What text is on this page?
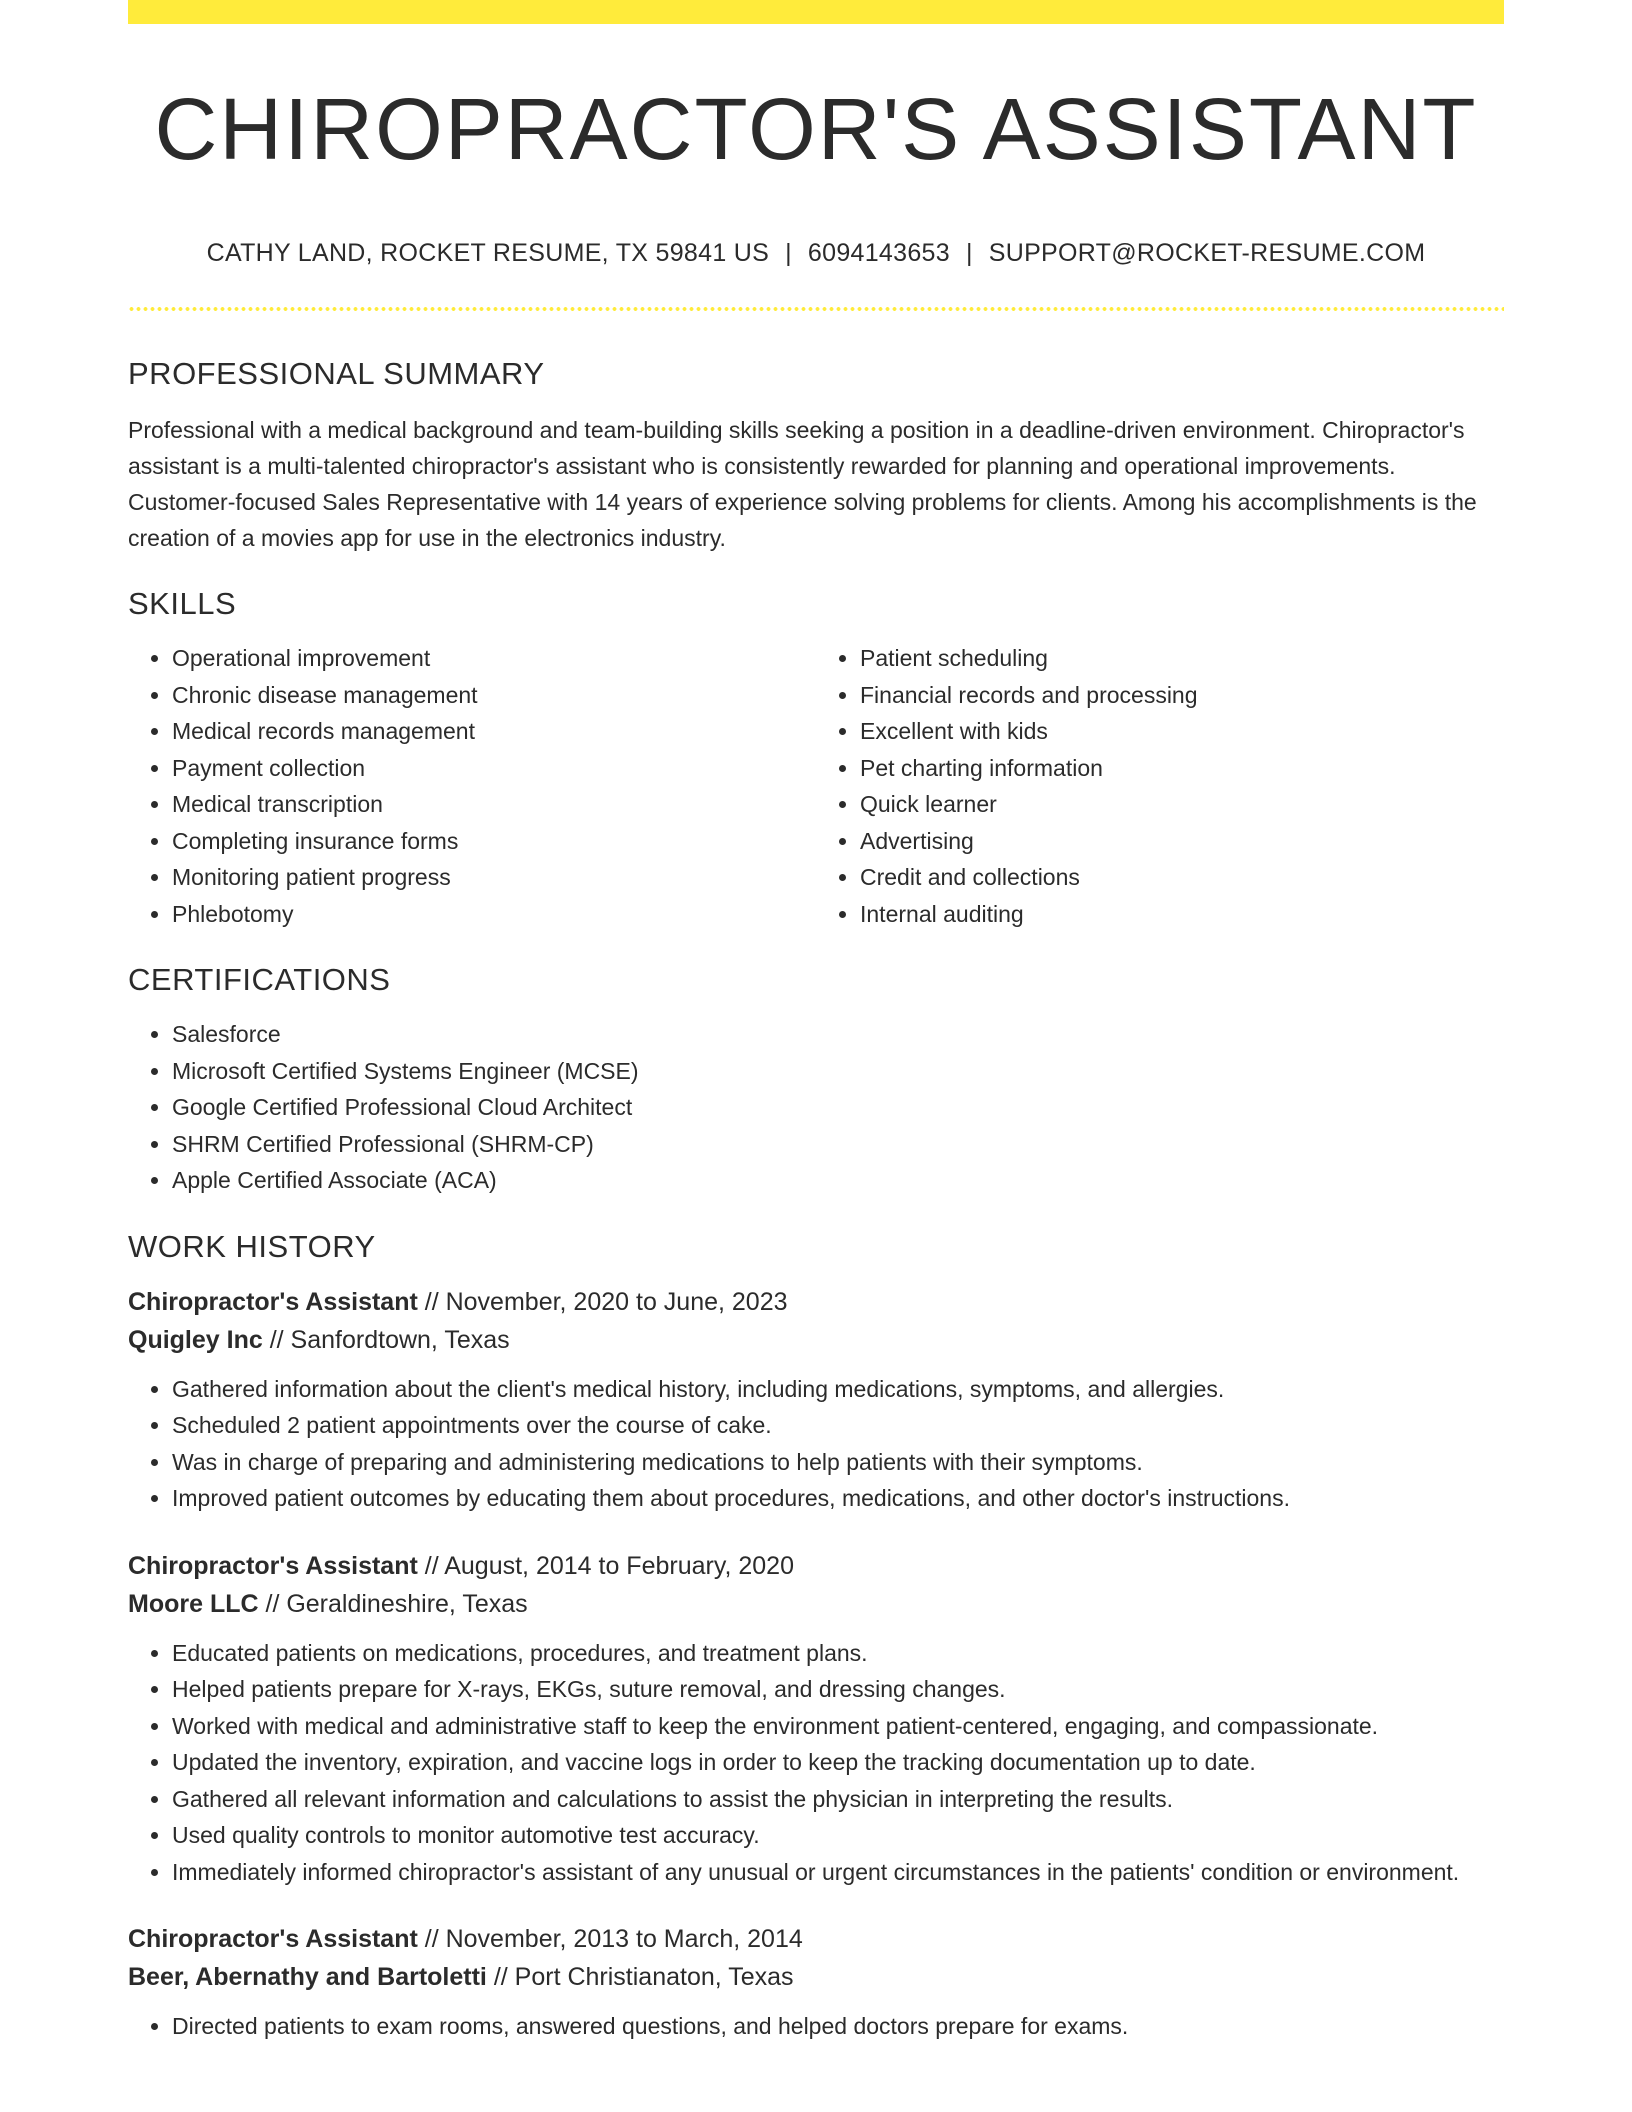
CHIROPRACTOR'S ASSISTANT
CATHY LAND, ROCKET RESUME, TX 59841 US | 6094143653 | SUPPORT@ROCKET-RESUME.COM
PROFESSIONAL SUMMARY

Professional with a medical background and team-building skills seeking a position in a deadline-driven environment. Chiropractor's assistant is a multi-talented chiropractor's assistant who is consistently rewarded for planning and operational improvements. Customer-focused Sales Representative with 14 years of experience solving problems for clients. Among his accomplishments is the creation of a movies app for use in the electronics industry.

SKILLS
• Operational improvement
• Chronic disease management
• Medical records management
• Payment collection
• Medical transcription
• Completing insurance forms
• Monitoring patient progress
• Phlebotomy
• Patient scheduling
• Financial records and processing
• Excellent with kids
• Pet charting information
• Quick learner
• Advertising
• Credit and collections
• Internal auditing
CERTIFICATIONS
• Salesforce
• Microsoft Certified Systems Engineer (MCSE)
• Google Certified Professional Cloud Architect
• SHRM Certified Professional (SHRM-CP)
• Apple Certified Associate (ACA)
WORK HISTORY
Chiropractor's Assistant // November, 2020 to June, 2023
Quigley Inc // Sanfordtown, Texas
• Gathered information about the client's medical history, including medications, symptoms, and allergies.
• Scheduled 2 patient appointments over the course of cake.
• Was in charge of preparing and administering medications to help patients with their symptoms.
• Improved patient outcomes by educating them about procedures, medications, and other doctor's instructions.
Chiropractor's Assistant // August, 2014 to February, 2020
Moore LLC // Geraldineshire, Texas
• Educated patients on medications, procedures, and treatment plans.
• Helped patients prepare for X-rays, EKGs, suture removal, and dressing changes.
• Worked with medical and administrative staff to keep the environment patient-centered, engaging, and compassionate.
• Updated the inventory, expiration, and vaccine logs in order to keep the tracking documentation up to date.
• Gathered all relevant information and calculations to assist the physician in interpreting the results.
• Used quality controls to monitor automotive test accuracy.
• Immediately informed chiropractor's assistant of any unusual or urgent circumstances in the patients' condition or environment.
Chiropractor's Assistant // November, 2013 to March, 2014
Beer, Abernathy and Bartoletti // Port Christianaton, Texas
• Directed patients to exam rooms, answered questions, and helped doctors prepare for exams.
